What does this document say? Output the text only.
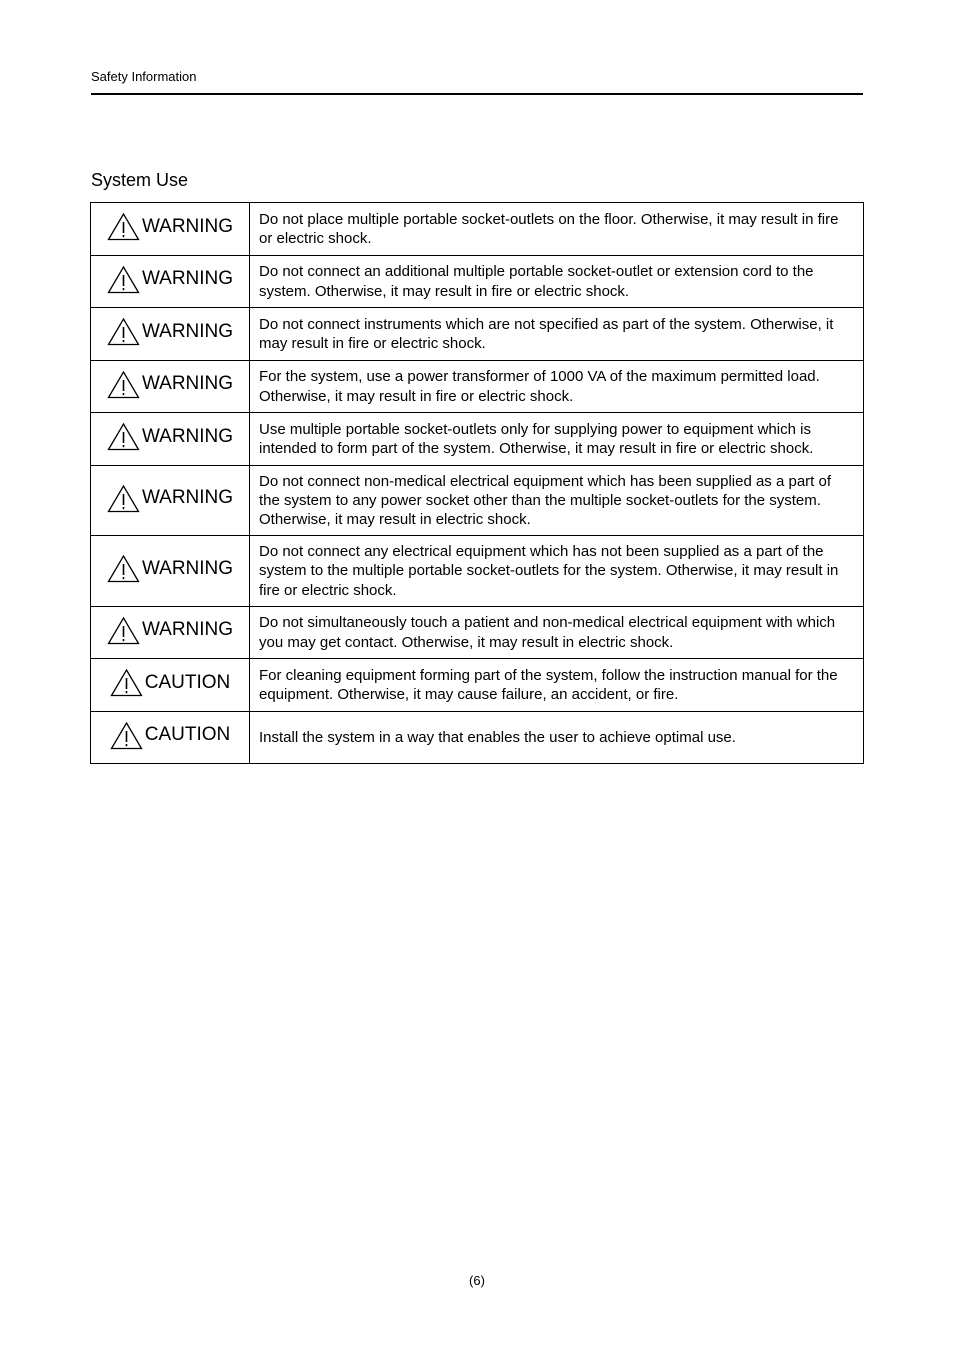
Safety Information
System Use
WARNING	Do not place multiple portable socket-outlets on the floor. Otherwise, it may result in fire or electric shock.

WARNING	Do not connect an additional multiple portable socket-outlet or extension cord to the system. Otherwise, it may result in fire or electric shock.

WARNING	Do not connect instruments which are not specified as part of the system. Otherwise, it may result in fire or electric shock.

WARNING	For the system, use a power transformer of 1000 VA of the maximum permitted load. Otherwise, it may result in fire or electric shock.

WARNING	Use multiple portable socket-outlets only for supplying power to equipment which is intended to form part of the system. Otherwise, it may result in fire or electric shock.

WARNING	Do not connect non-medical electrical equipment which has been supplied as a part of the system to any power socket other than the multiple socket-outlets for the system. Otherwise, it may result in electric shock.

WARNING	Do not connect any electrical equipment which has not been supplied as a part of the system to the multiple portable socket-outlets for the system. Otherwise, it may result in fire or electric shock.

WARNING	Do not simultaneously touch a patient and non-medical electrical equipment with which you may get contact. Otherwise, it may result in electric shock.

CAUTION	For cleaning equipment forming part of the system, follow the instruction manual for the equipment. Otherwise, it may cause failure, an accident, or fire.

CAUTION	Install the system in a way that enables the user to achieve optimal use.
(6)
